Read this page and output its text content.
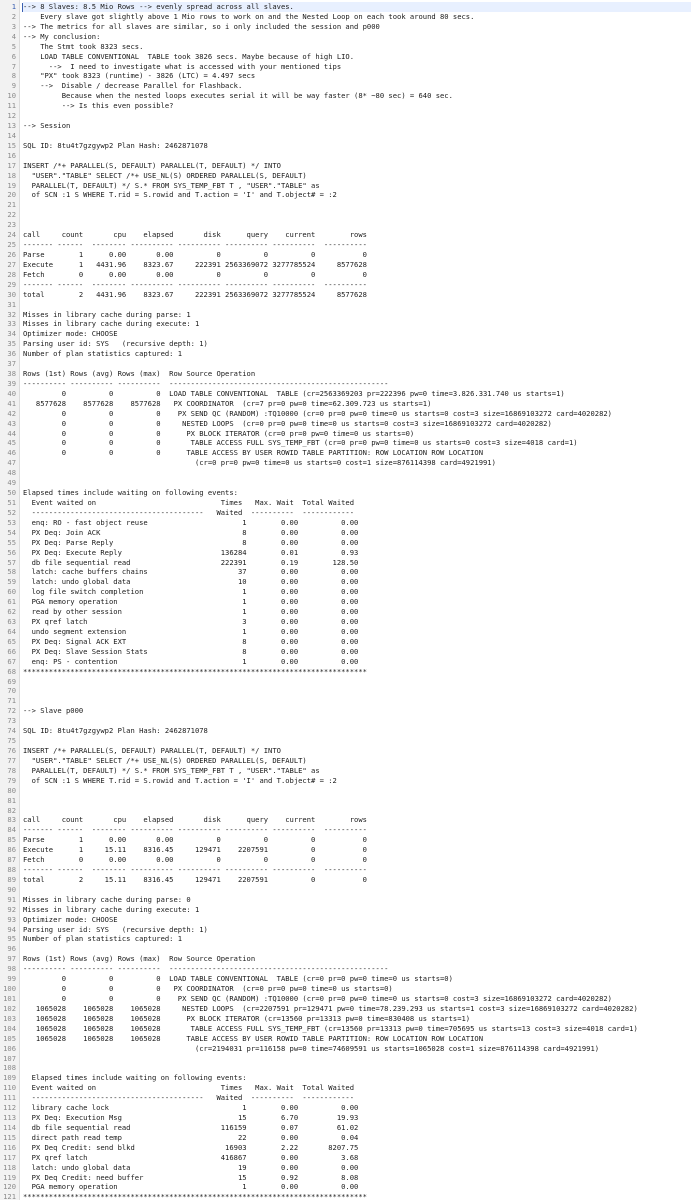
1 --> 8 Slaves: 8.5 Mio Rows --> evenly spread across all slaves.
2 Every slave got slightly above 1 Mio rows to work on and the Nested Loop on each took around 80 secs.
3 --> The metrics for all slaves are similar, so i only included the session and p000
4 --> My conclusion:
5 The Stmt took 8323 secs.
6 LOAD TABLE CONVENTIONAL  TABLE took 3826 secs. Maybe because of high LIO.
7 -->  I need to investigate what is accessed with your mentioned tips
8 "PX" took 8323 (runtime) - 3826 (LTC) = 4.497 secs
9 -->  Disable / decrease Parallel for Flashback.
10 Because when the nested loops executes serial it will be way faster (8* ~80 sec) = 640 sec.
11 --> Is this even possible?
12
13 --> Session
14
15 SQL ID: 8tu4t7gzgywp2 Plan Hash: 2462871078
16
17 INSERT /*+ PARALLEL(S, DEFAULT) PARALLEL(T, DEFAULT) */ INTO
18 "USER"."TABLE" SELECT /*+ USE_NL(S) ORDERED PARALLEL(S, DEFAULT)
19 PARALLEL(T, DEFAULT) */ S.* FROM SYS_TEMP_FBT T , "USER"."TABLE" as
20 of SCN :1 S WHERE T.rid = S.rowid and T.action = 'I' and T.object# = :2
21
22
23
24 call     count       cpu    elapsed       disk      query    current        rows
25 ------- ------  -------- ---------- ---------- ---------- ----------  ----------
26 Parse        1      0.00       0.00          0          0          0           0
27 Execute      1   4431.96    8323.67     222391 2563369072 3277785524     8577628
28 Fetch        0      0.00       0.00          0          0          0           0
29 ------- ------  -------- ---------- ---------- ---------- ----------  ----------
30 total        2   4431.96    8323.67     222391 2563369072 3277785524     8577628
31
32 Misses in library cache during parse: 1
33 Misses in library cache during execute: 1
34 Optimizer mode: CHOOSE
35 Parsing user id: SYS   (recursive depth: 1)
36 Number of plan statistics captured: 1
37
38 Rows (1st) Rows (avg) Rows (max)  Row Source Operation
39 ---------- ---------- ----------  ---------------------------------------------------
40 0          0          0  LOAD TABLE CONVENTIONAL  TABLE (cr=2563369203 pr=222396 pw=0 time=3.826.331.740 us starts=1)
41 8577628    8577628    8577628   PX COORDINATOR  (cr=7 pr=0 pw=0 time=62.309.723 us starts=1)
42 0          0          0    PX SEND QC (RANDOM) :TQ10000 (cr=0 pr=0 pw=0 time=0 us starts=0 cost=3 size=16869103272 card=4020282)
43 0          0          0     NESTED LOOPS  (cr=0 pr=0 pw=0 time=0 us starts=0 cost=3 size=16869103272 card=4020282)
44 0          0          0      PX BLOCK ITERATOR (cr=0 pr=0 pw=0 time=0 us starts=0)
45 0          0          0       TABLE ACCESS FULL SYS_TEMP_FBT (cr=0 pr=0 pw=0 time=0 us starts=0 cost=3 size=4018 card=1)
46 0          0          0      TABLE ACCESS BY USER ROWID TABLE PARTITION: ROW LOCATION ROW LOCATION
47 (cr=0 pr=0 pw=0 time=0 us starts=0 cost=1 size=876114398 card=4921991)
48
49
50 Elapsed times include waiting on following events:
51 Event waited on                             Times   Max. Wait  Total Waited
52 ----------------------------------------   Waited  ----------  ------------
53 enq: RO - fast object reuse                      1        0.00          0.00
54 PX Deq: Join ACK                                 8        0.00          0.00
55 PX Deq: Parse Reply                              8        0.00          0.00
56 PX Deq: Execute Reply                       136284        0.01          0.93
57 db file sequential read                     222391        0.19        128.50
58 latch: cache buffers chains                     37        0.00          0.00
59 latch: undo global data                         10        0.00          0.00
60 log file switch completion                       1        0.00          0.00
61 PGA memory operation                             1        0.00          0.00
62 read by other session                            1        0.00          0.00
63 PX qref latch                                    3        0.00          0.00
64 undo segment extension                           1        0.00          0.00
65 PX Deq: Signal ACK EXT                           8        0.00          0.00
66 PX Deq: Slave Session Stats                      8        0.00          0.00
67 enq: PS - contention                             1        0.00          0.00
68 ********************************************************************************
69
70
71
72 --> Slave p000
73
74 SQL ID: 8tu4t7gzgywp2 Plan Hash: 2462871078
75
76 INSERT /*+ PARALLEL(S, DEFAULT) PARALLEL(T, DEFAULT) */ INTO
77 "USER"."TABLE" SELECT /*+ USE_NL(S) ORDERED PARALLEL(S, DEFAULT)
78 PARALLEL(T, DEFAULT) */ S.* FROM SYS_TEMP_FBT T , "USER"."TABLE" as
79 of SCN :1 S WHERE T.rid = S.rowid and T.action = 'I' and T.object# = :2
80
81
82
83 call     count       cpu    elapsed       disk      query    current        rows
84 ------- ------  -------- ---------- ---------- ---------- ----------  ----------
85 Parse        1      0.00       0.00          0          0          0           0
86 Execute      1     15.11    8316.45     129471    2207591          0           0
87 Fetch        0      0.00       0.00          0          0          0           0
88 ------- ------  -------- ---------- ---------- ---------- ----------  ----------
89 total        2     15.11    8316.45     129471    2207591          0           0
90
91 Misses in library cache during parse: 0
92 Misses in library cache during execute: 1
93 Optimizer mode: CHOOSE
94 Parsing user id: SYS   (recursive depth: 1)
95 Number of plan statistics captured: 1
96
97 Rows (1st) Rows (avg) Rows (max)  Row Source Operation
98 ---------- ---------- ----------  ---------------------------------------------------
99 0          0          0  LOAD TABLE CONVENTIONAL  TABLE (cr=0 pr=0 pw=0 time=0 us starts=0)
100 0          0          0   PX COORDINATOR  (cr=0 pr=0 pw=0 time=0 us starts=0)
101 0          0          0    PX SEND QC (RANDOM) :TQ10000 (cr=0 pr=0 pw=0 time=0 us starts=0 cost=3 size=16869103272 card=4020282)
102 1065028    1065028    1065028     NESTED LOOPS  (cr=2207591 pr=129471 pw=0 time=78.239.293 us starts=1 cost=3 size=16869103272 card=4020282)
103 1065028    1065028    1065028      PX BLOCK ITERATOR (cr=13560 pr=13313 pw=0 time=830408 us starts=1)
104 1065028    1065028    1065028       TABLE ACCESS FULL SYS_TEMP_FBT (cr=13560 pr=13313 pw=0 time=705695 us starts=13 cost=3 size=4018 card=1)
105 1065028    1065028    1065028      TABLE ACCESS BY USER ROWID TABLE PARTITION: ROW LOCATION ROW LOCATION
106 (cr=2194031 pr=116158 pw=0 time=74609591 us starts=1065028 cost=1 size=876114398 card=4921991)
107
108
109 Elapsed times include waiting on following events:
110 Event waited on                             Times   Max. Wait  Total Waited
111 ----------------------------------------   Waited  ----------  ------------
112 library cache lock                               1        0.00          0.00
113 PX Deq: Execution Msg                           15        6.70         19.93
114 db file sequential read                     116159        0.07         61.02
115 direct path read temp                           22        0.00          0.04
116 PX Deq Credit: send blkd                     16903        2.22       8207.75
117 PX qref latch                               416867        0.00          3.68
118 latch: undo global data                         19        0.00          0.00
119 PX Deq Credit: need buffer                      15        0.92          8.08
120 PGA memory operation                             1        0.00          0.00
121 ********************************************************************************
